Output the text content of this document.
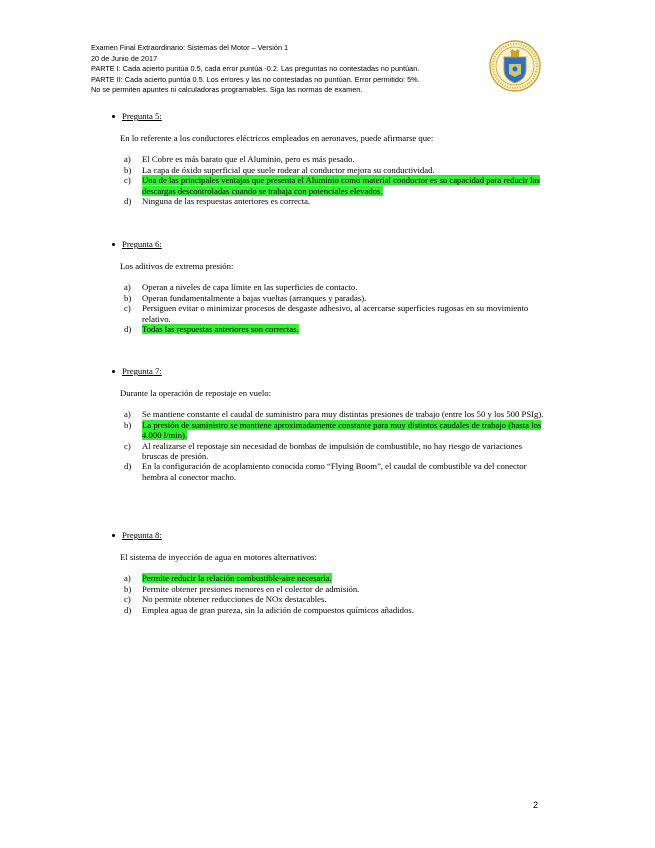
Examen Final Extraordinario: Sistemas del Motor – Versión 1
20 de Junio de 2017
PARTE I: Cada acierto puntúa 0.5, cada error puntúa -0.2. Las preguntas no contestadas no puntúan.
PARTE II: Cada acierto puntúa 0.5. Los errores y las no contestadas no puntúan. Error permitido: 5%.
No se permiten apuntes ni calculadoras programables. Siga las normas de examen.
Pregunta 5:
En lo referente a los conductores eléctricos empleados en aeronaves, puede afirmarse que:
a) El Cobre es más barato que el Aluminio, pero es más pesado.
b) La capa de óxido superficial que suele rodear al conductor mejora su conductividad.
c) Una de las principales ventajas que presenta el Aluminio como material conductor es su capacidad para reducir las descargas descontroladas cuando se trabaja con potenciales elevados.
d) Ninguna de las respuestas anteriores es correcta.
Pregunta 6:
Los aditivos de extrema presión:
a) Operan a niveles de capa límite en las superficies de contacto.
b) Operan fundamentalmente a bajas vueltas (arranques y paradas).
c) Persiguen evitar o minimizar procesos de desgaste adhesivo, al acercarse superficies rugosas en su movimiento relativo.
d) Todas las respuestas anteriores son correctas.
Pregunta 7:
Durante la operación de repostaje en vuelo:
a) Se mantiene constante el caudal de suministro para muy distintas presiones de trabajo (entre los 50 y los 500 PSIg).
b) La presión de suministro se mantiene aproximadamente constante para muy distintos caudales de trabajo (hasta los 4.000 l/min).
c) Al realizarse el repostaje sin necesidad de bombas de impulsión de combustible, no hay riesgo de variaciones bruscas de presión.
d) En la configuración de acoplamiento conocida como “Flying Boom”, el caudal de combustible va del conector hembra al conector macho.
Pregunta 8:
El sistema de inyección de agua en motores alternativos:
a) Permite reducir la relación combustible-aire necesaria.
b) Permite obtener presiones menores en el colector de admisión.
c) No permite obtener reducciones de NOx destacables.
d) Emplea agua de gran pureza, sin la adición de compuestos químicos añadidos.
2
